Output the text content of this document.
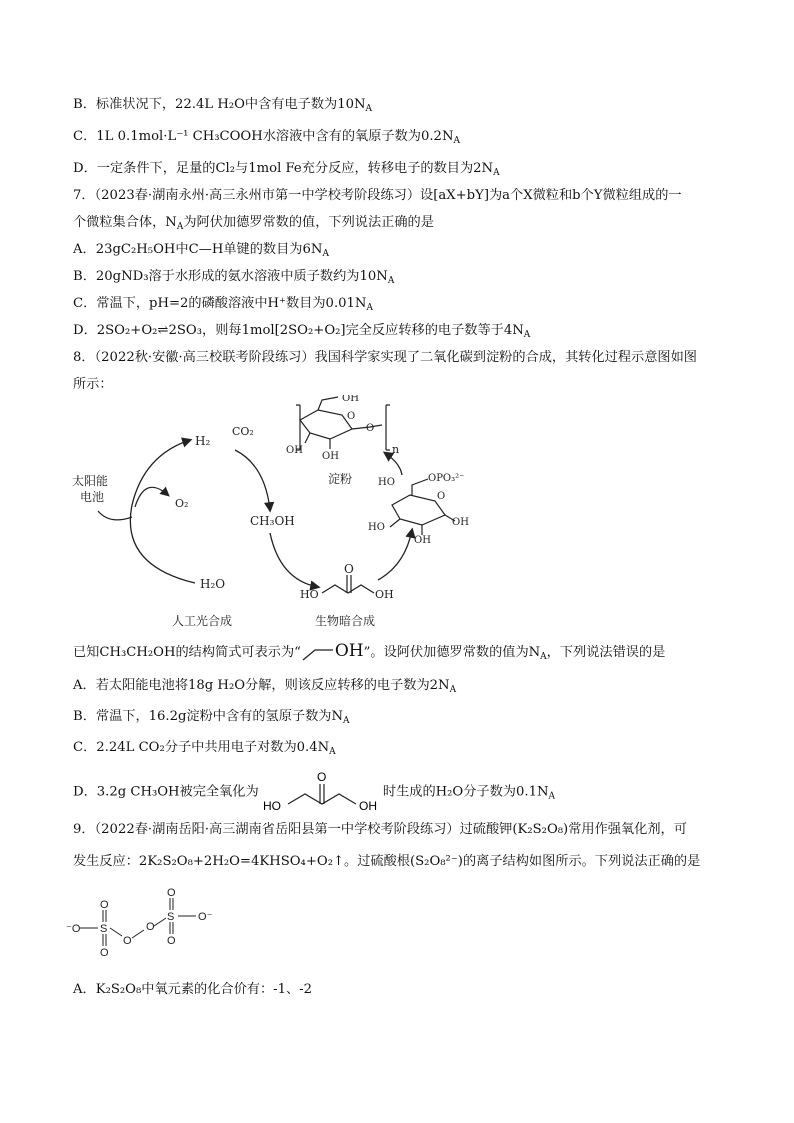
B．标准状况下，22.4L H₂O中含有电子数为$10N_A$
C．1L 0.1mol·L⁻¹ CH₃COOH水溶液中含有的氧原子数为$0.2N_A$
D．一定条件下，足量的Cl₂与1mol Fe充分反应，转移电子的数目为$2N_A$
7．（2023春·湖南永州·高三永州市第一中学校考阶段练习）设[aX+bY]为a个X微粒和b个Y微粒组成的一
个微粒集合体，$N_A$为阿伏加德罗常数的值，下列说法正确的是
A．23gC₂H₅OH中C—H单键的数目为$6N_A$
B．20gND₃溶于水形成的氨水溶液中质子数约为$10N_A$
C．常温下，pH=2的磷酸溶液中H⁺数目为$0.01N_A$
D．2SO₂+O₂⇌2SO₃，则每1mol[2SO₂+O₂]完全反应转移的电子数等于$4N_A$
8．（2022秋·安徽·高三校联考阶段练习）我国科学家实现了二氧化碳到淀粉的合成，其转化过程示意图如图
所示：
太阳能
电池
H₂
CO₂
O₂
CH₃OH
H₂O
O
HO	OH
OPO₃²⁻
HO
HO
OH
OH
O
OH
OH
OH
O
O
淀粉
n
人工光合成	生物暗合成
已知CH₃CH₂OH的结构简式可表示为“ OH”。设阿伏加德罗常数的值为$N_A$，下列说法错误的是
A．若太阳能电池将18g H₂O分解，则该反应转移的电子数为$2N_A$
B．常温下，16.2g淀粉中含有的氢原子数为$N_A$
C．2.24L CO₂分子中共用电子对数为$0.4N_A$
D．3.2g CH₃OH被完全氧化为
O
HO	OH
时生成的H₂O分子数为$0.1N_A$
9．（2022春·湖南岳阳·高三湖南省岳阳县第一中学校考阶段练习）过硫酸钾(K₂S₂O₈)常用作强氧化剂，可
发生反应：2K₂S₂O₈+2H₂O=4KHSO₄+O₂↑。过硫酸根(S₂O₈²⁻)的离子结构如图所示。下列说法正确的是
⁻O S
O
O
O
O
S
O
O
O⁻
A．K₂S₂O₈中氧元素的化合价有：-1、-2
